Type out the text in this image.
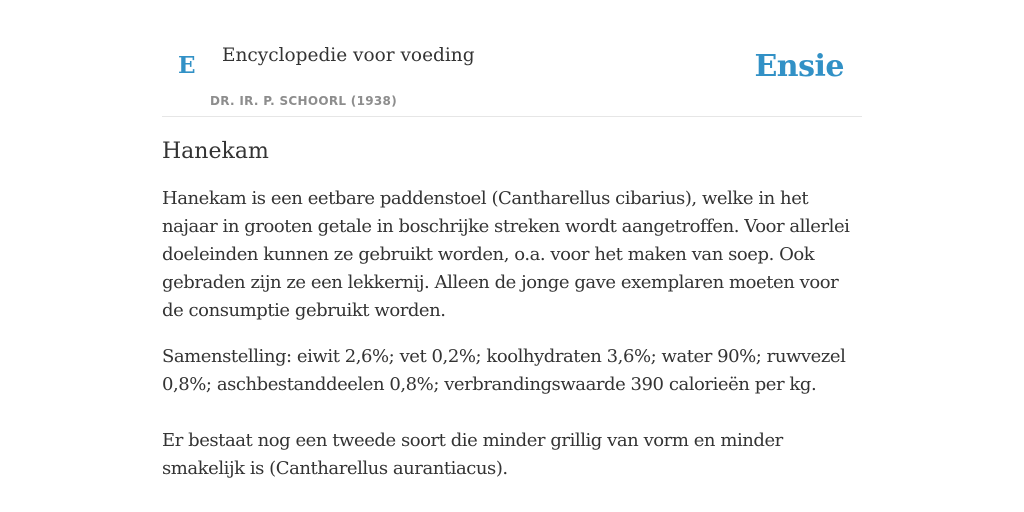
E Encyclopedie voor voeding
DR. IR. P. SCHOORL (1938)
Ensie
Hanekam

Hanekam is een eetbare paddenstoel (Cantharellus cibarius), welke in het najaar in grooten getale in boschrijke streken wordt aangetroffen. Voor allerlei doeleinden kunnen ze gebruikt worden, o.a. voor het maken van soep. Ook gebraden zijn ze een lekkernij. Alleen de jonge gave exemplaren moeten voor de consumptie gebruikt worden.

Samenstelling: eiwit 2,6%; vet 0,2%; koolhydraten 3,6%; water 90%; ruwvezel 0,8%; aschbestanddeelen 0,8%; verbrandingswaarde 390 calorieën per kg.

Er bestaat nog een tweede soort die minder grillig van vorm en minder smakelijk is (Cantharellus aurantiacus).
